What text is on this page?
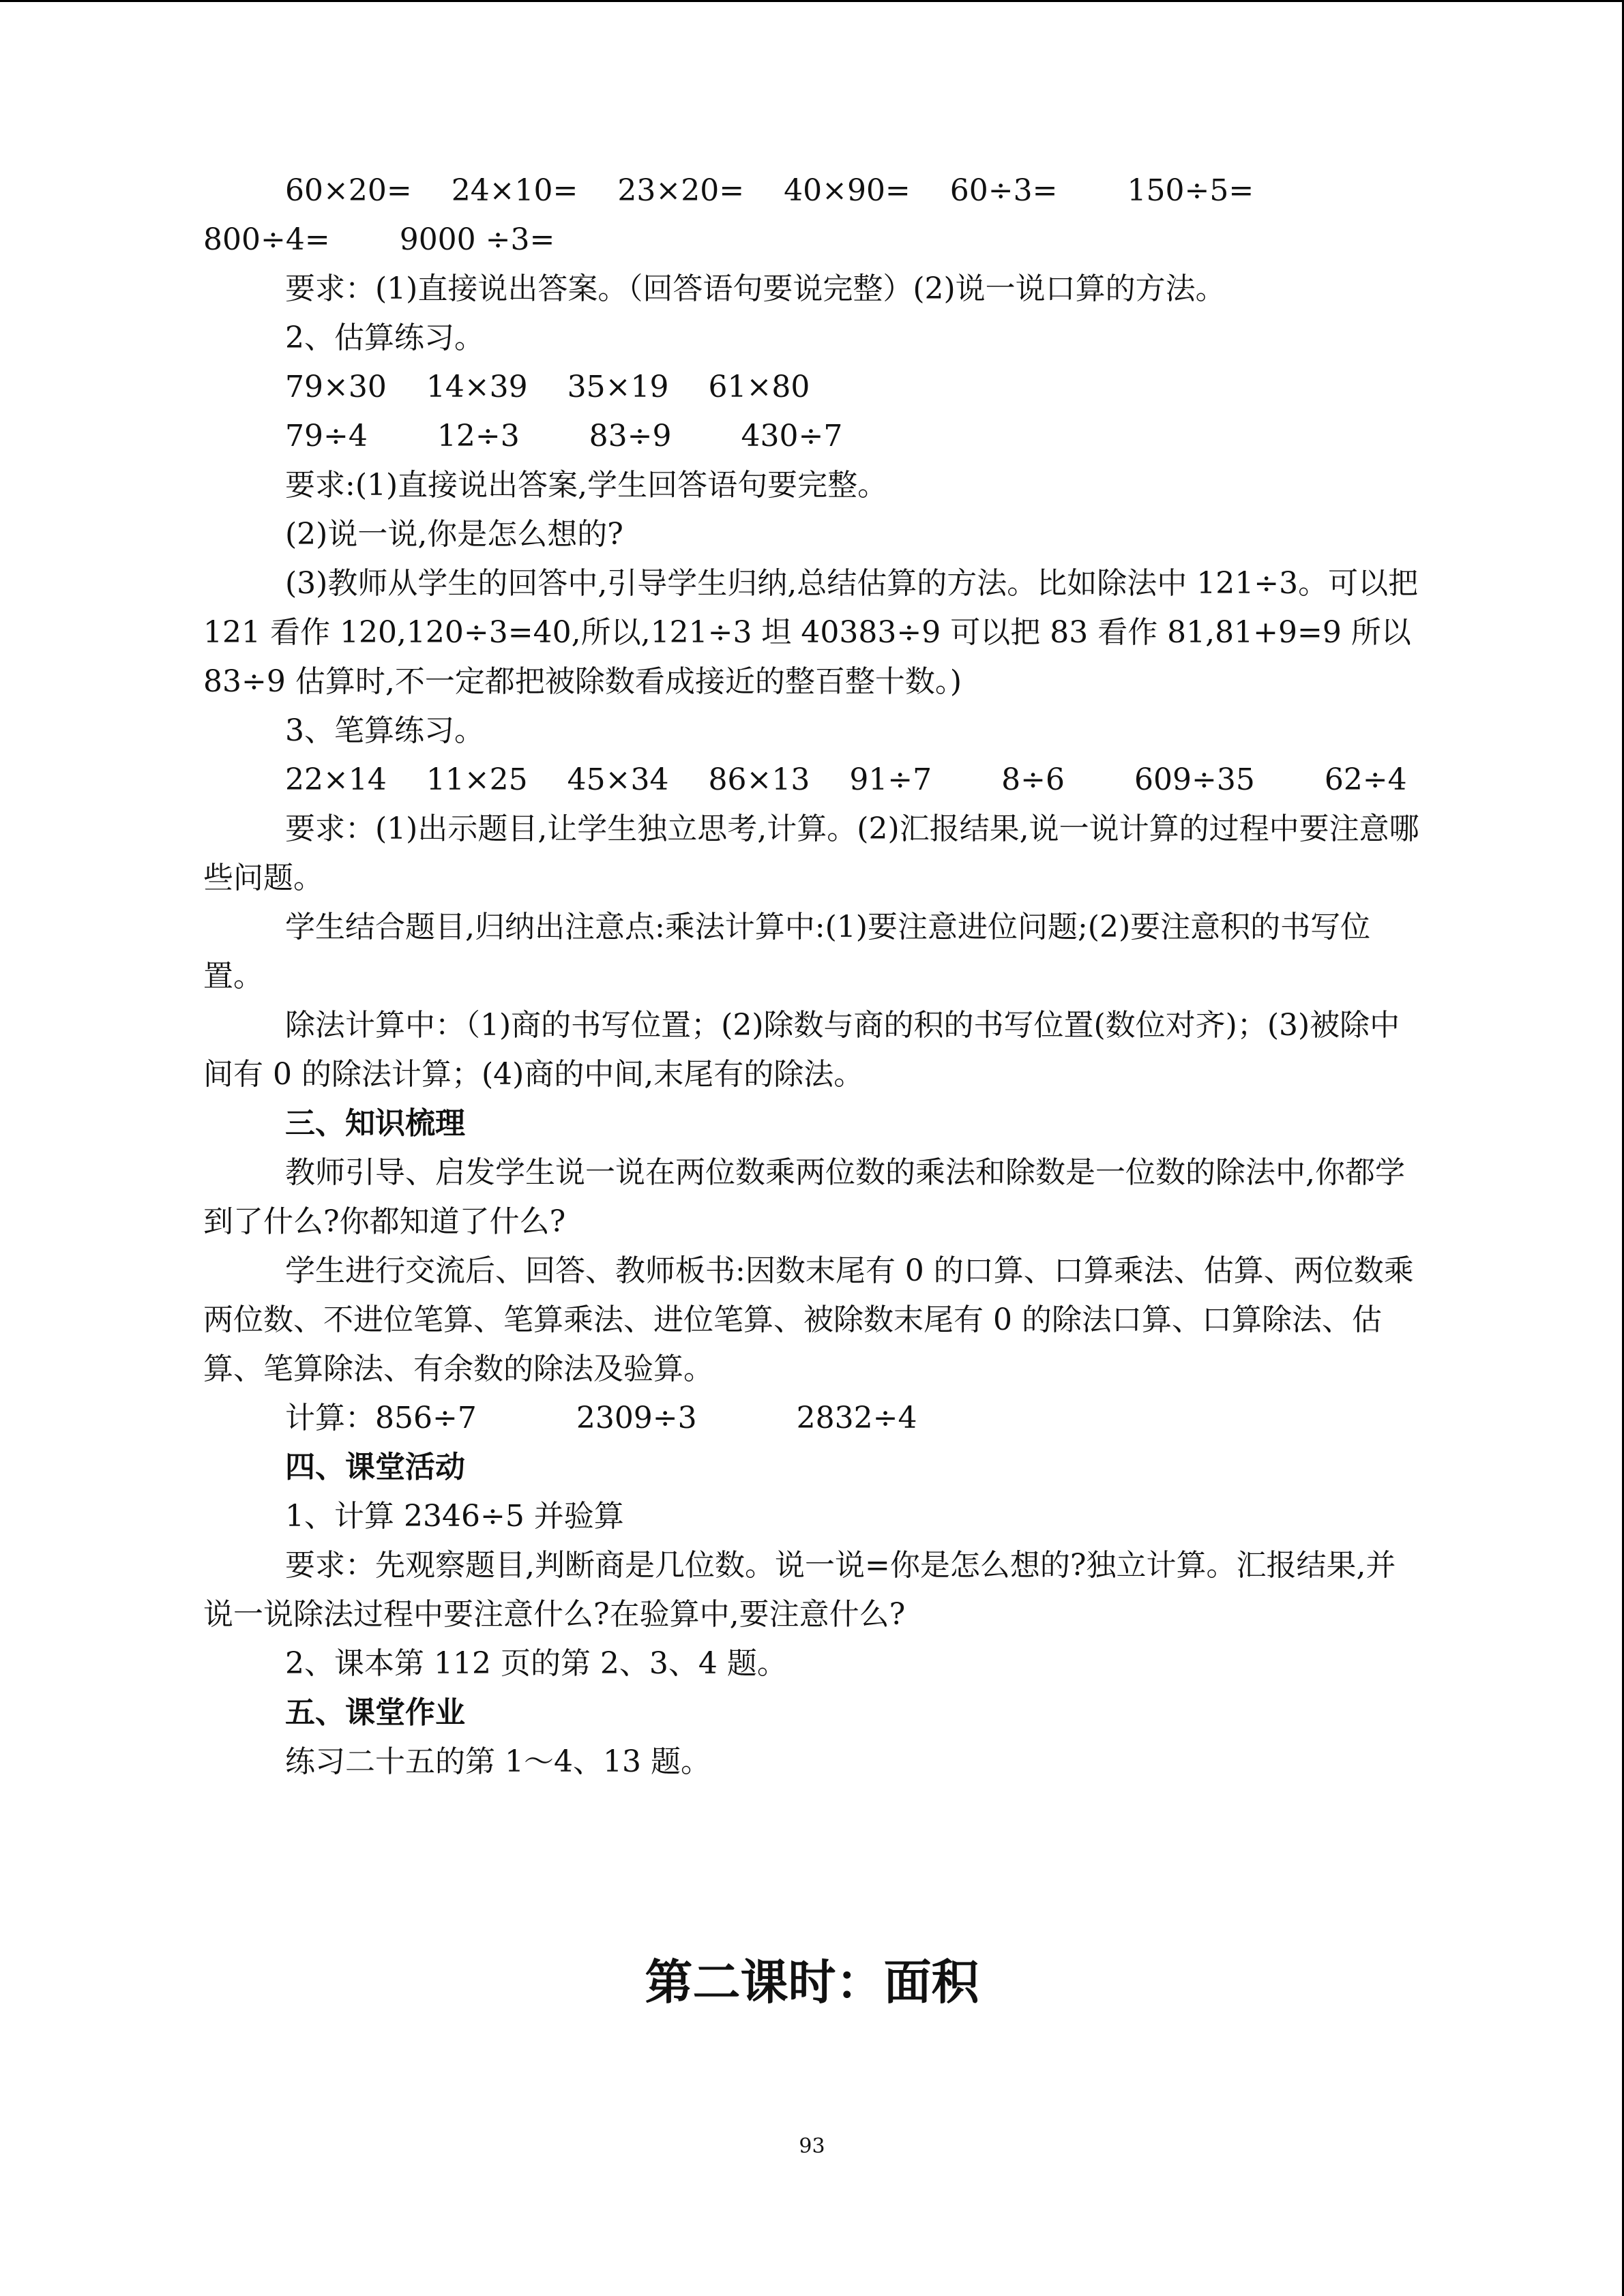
60×20=  24×10=  23×20=  40×90=  60÷3=   150÷5=   800÷4=   9000 ÷3=

要求：(1)直接说出答案。（回答语句要说完整）(2)说一说口算的方法。

2、估算练习。

79×30  14×39  35×19  61×80

79÷4   12÷3   83÷9   430÷7

要求:(1)直接说出答案,学生回答语句要完整。

(2)说一说,你是怎么想的?

(3)教师从学生的回答中,引导学生归纳,总结估算的方法。比如除法中 121÷3。可以把 121 看作 120,120÷3=40,所以,121÷3 坦 40383÷9 可以把 83 看作 81,81+9=9 所以 83÷9 估算时,不一定都把被除数看成接近的整百整十数。)

3、笔算练习。

22×14  11×25  45×34  86×13  91÷7   8÷6   609÷35   62÷4

要求：(1)出示题目,让学生独立思考,计算。(2)汇报结果,说一说计算的过程中要注意哪些问题。

学生结合题目,归纳出注意点:乘法计算中:(1)要注意进位问题;(2)要注意积的书写位置。

除法计算中：（1)商的书写位置；(2)除数与商的积的书写位置(数位对齐)；(3)被除中间有 0 的除法计算；(4)商的中间,末尾有的除法。

三、知识梳理

教师引导、启发学生说一说在两位数乘两位数的乘法和除数是一位数的除法中,你都学到了什么?你都知道了什么?

学生进行交流后、回答、教师板书:因数末尾有 0 的口算、口算乘法、估算、两位数乘两位数、不进位笔算、笔算乘法、进位笔算、被除数末尾有 0 的除法口算、口算除法、估算、笔算除法、有余数的除法及验算。

计算：856÷7    2309÷3    2832÷4

四、课堂活动

1、计算 2346÷5 并验算

要求：先观察题目,判断商是几位数。说一说=你是怎么想的?独立计算。汇报结果,并说一说除法过程中要注意什么?在验算中,要注意什么?

2、课本第 112 页的第 2、3、4 题。

五、课堂作业

练习二十五的第 1～4、13 题。

第二课时：面积
93
